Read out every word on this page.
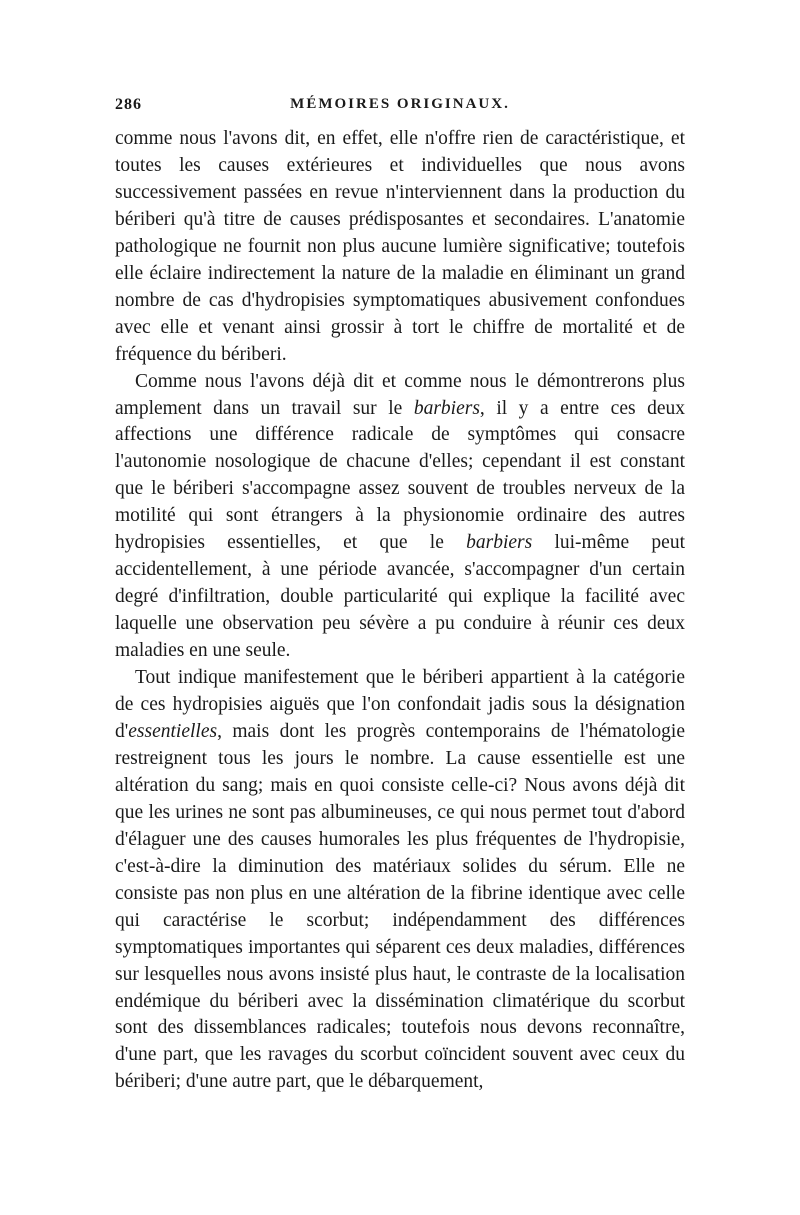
286	MÉMOIRES ORIGINAUX.

comme nous l'avons dit, en effet, elle n'offre rien de caractéristique, et toutes les causes extérieures et individuelles que nous avons successivement passées en revue n'interviennent dans la production du bériberi qu'à titre de causes prédisposantes et secondaires. L'anatomie pathologique ne fournit non plus aucune lumière significative; toutefois elle éclaire indirectement la nature de la maladie en éliminant un grand nombre de cas d'hydropisies symptomatiques abusivement confondues avec elle et venant ainsi grossir à tort le chiffre de mortalité et de fréquence du bériberi.

Comme nous l'avons déjà dit et comme nous le démontrerons plus amplement dans un travail sur le barbiers, il y a entre ces deux affections une différence radicale de symptômes qui consacre l'autonomie nosologique de chacune d'elles; cependant il est constant que le bériberi s'accompagne assez souvent de troubles nerveux de la motilité qui sont étrangers à la physionomie ordinaire des autres hydropisies essentielles, et que le barbiers lui-même peut accidentellement, à une période avancée, s'accompagner d'un certain degré d'infiltration, double particularité qui explique la facilité avec laquelle une observation peu sévère a pu conduire à réunir ces deux maladies en une seule.

Tout indique manifestement que le bériberi appartient à la catégorie de ces hydropisies aiguës que l'on confondait jadis sous la désignation d'essentielles, mais dont les progrès contemporains de l'hématologie restreignent tous les jours le nombre. La cause essentielle est une altération du sang; mais en quoi consiste celle-ci? Nous avons déjà dit que les urines ne sont pas albumineuses, ce qui nous permet tout d'abord d'élaguer une des causes humorales les plus fréquentes de l'hydropisie, c'est-à-dire la diminution des matériaux solides du sérum. Elle ne consiste pas non plus en une altération de la fibrine identique avec celle qui caractérise le scorbut; indépendamment des différences symptomatiques importantes qui séparent ces deux maladies, différences sur lesquelles nous avons insisté plus haut, le contraste de la localisation endémique du bériberi avec la dissémination climatérique du scorbut sont des dissemblances radicales; toutefois nous devons reconnaître, d'une part, que les ravages du scorbut coïncident souvent avec ceux du bériberi; d'une autre part, que le débarquement,
